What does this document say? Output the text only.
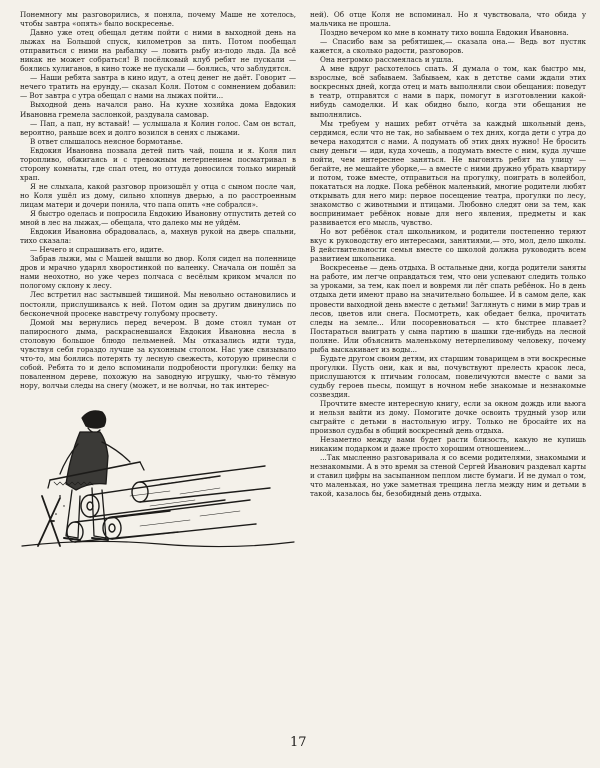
Понемногу мы разговорились, я поняла, почему Маше не хотелось, чтобы завтра «опять» было воскресенье.

Давно уже отец обещал детям пойти с ними в выходной день на лыжах на Большой спуск, километров за пять. Потом пообещал отправиться с ними на рыбалку — ловить рыбу из-подо льда. Да всё никак не может собраться! В посёлковый клуб ребят не пускали — боялись хулиганов, в кино тоже не пускали — боялись, что заблудятся.

— Наши ребята завтра в кино идут, а отец денег не даёт. Говорит — нечего тратить на ерунду,— сказал Коля. Потом с сомнением добавил: — Вот завтра с утра обещал с нами на лыжах пойти...

Выходной день начался рано. На кухне хозяйка дома Евдокия Ивановна гремела заслонкой, раздувала самовар.

— Пап, а пап, ну вставай! — услышала я Колин голос. Сам он встал, вероятно, раньше всех и долго возился в сенях с лыжами.

В ответ слышалось неясное бормотанье.

Евдокия Ивановна позвала детей пить чай, пошла и я. Коля пил торопливо, обжигаясь и с тревожным нетерпением посматривал в сторону комнаты, где спал отец, но оттуда доносился только мирный храп.

Я не слыхала, какой разговор произошёл у отца с сыном после чая, но Коля ушёл из дому, сильно хлопнув дверью, а по расстроенным лицам матери и дочери поняла, что папа опять «не собрался».

Я быстро оделась и попросила Евдокию Ивановну отпустить детей со мной в лес на лыжах,— обещала, что далеко мы не уйдём.

Евдокия Ивановна обрадовалась, а, махнув рукой на дверь спальни, тихо сказала:

— Нечего и спрашивать его, идите.

Забрав лыжи, мы с Машей вышли во двор. Коля сидел на поленнице дров и мрачно ударял хворостинкой по валенку. Сначала он пошёл за нами неохотно, но уже через полчаса с весёлым криком мчался по пологому склону к лесу.

Лес встретил нас застывшей тишиной. Мы невольно остановились и постояли, прислушиваясь к ней. Потом один за другим двинулись по бесконечной просеке навстречу голубому просвету.

Домой мы вернулись перед вечером. В доме стоял туман от папиросного дыма, раскрасневшаяся Евдокия Ивановна несла в столовую большое блюдо пельменей. Мы отказались идти туда, чувствуя себя гораздо лучше за кухонным столом. Нас уже связывало что-то, мы боялись потерять ту лесную свежесть, которую принесли с собой. Ребята то и дело вспоминали подробности прогулки: белку на поваленном дереве, похожую на заводную игрушку, чью-то тёмную нору, волчьи следы на снегу (может, и не волчьи, но так интерес-

ней). Об отце Коля не вспоминал. Но я чувствовала, что обида у мальчика не прошла.

Поздно вечером ко мне в комнату тихо вошла Евдокия Ивановна.

— Спасибо вам за ребятишек,— сказала она.— Ведь вот пустяк кажется, а сколько радости, разговоров.

Она негромко рассмеялась и ушла.

А мне вдруг расхотелось спать. Я думала о том, как быстро мы, взрослые, всё забываем. Забываем, как в детстве сами ждали этих воскресных дней, когда отец и мать выполняли свои обещания: поведут в театр, отправятся с нами в парк, помогут в изготовлении какой-нибудь самоделки. И как обидно было, когда эти обещания не выполнялись.

Мы требуем у наших ребят отчёта за каждый школьный день, сердимся, если что не так, но забываем о тех днях, когда дети с утра до вечера находятся с нами. А подумать об этих днях нужно! Не бросить сыну деньги — иди, куда хочешь, а подумать вместе с ним, куда лучше пойти, чем интереснее заняться. Не выгонять ребят на улицу — бегайте, не мешайте уборке,— а вместе с ними дружно убрать квартиру и потом, тоже вместе, отправиться на прогулку, поиграть в волейбол, покататься на лодке. Пока ребёнок маленький, многие родители любят открывать для него мир: первое посещение театра, прогулки по лесу, знакомство с животными и птицами. Любовно следят они за тем, как воспринимает ребёнок новые для него явления, предметы и как развивается его мысль, чувство.

Но вот ребёнок стал школьником, и родители постепенно теряют вкус к руководству его интересами, занятиями,— это, мол, дело школы. В действительности семья вместе со школой должна руководить всем развитием школьника.

Воскресенье — день отдыха. В остальные дни, когда родители заняты на работе, им легче оправдаться тем, что они успевают следить только за уроками, за тем, как поел и вовремя ли лёг спать ребёнок. Но в день отдыха дети имеют право на значительно большее. И в самом деле, как провести выходной день вместе с детьми! Заглянуть с ними в мир трав и лесов, цветов или снега. Посмотреть, как обедает белка, прочитать следы на земле... Или посоревноваться — кто быстрее плавает? Постараться выиграть у сына партию в шашки где-нибудь на лесной поляне. Или объяснить маленькому нетерпеливому человеку, почему рыба выскакивает из воды...

Будьте другом своим детям, их старшим товарищем в эти воскресные прогулки. Пусть они, как и вы, почувствуют прелесть красок леса, прислушаются к птичьим голосам, повеличуются вместе с вами за судьбу героев пьесы, помщут в ночном небе знакомые и незнакомые созвездия.

Прочтите вместе интересную книгу, если за окном дождь или вьюга и нельзя выйти из дому. Помогите дочке освоить трудный узор или сыграйте с детьми в настольную игру. Только не бросайте их на произвол судьбы в общий воскресный день отдыха.

Незаметно между вами будет расти близость, какую не купишь никаким подарком и даже просто хорошим отношением...

...Так мысленно разговаривала я со всеми родителями, знакомыми и незнакомыми. А в это время за стеной Сергей Иванович раздевал карты и ставил цифры на засыпанном пеплом листе бумаги. И не думал о том, что маленькая, но уже заметная трещина легла между ним и детьми в такой, казалось бы, безобидный день отдыха.

17
